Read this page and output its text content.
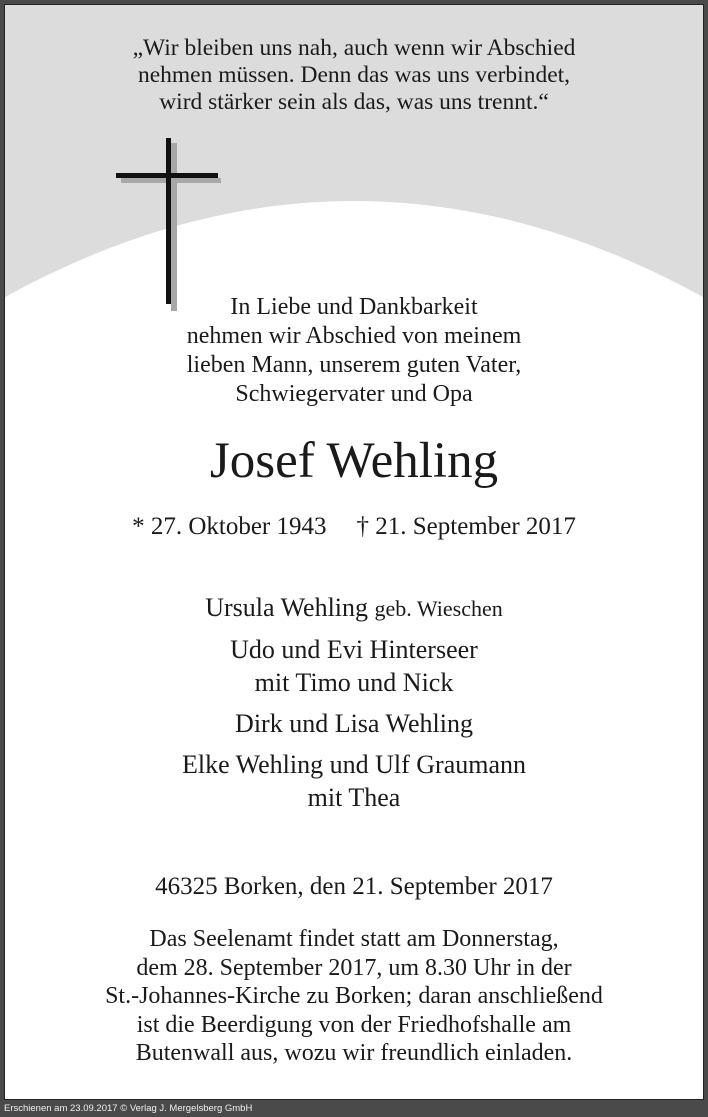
„Wir bleiben uns nah, auch wenn wir Abschied
nehmen müssen. Denn das was uns verbindet,
wird stärker sein als das, was uns trennt.“
In Liebe und Dankbarkeit
nehmen wir Abschied von meinem
lieben Mann, unserem guten Vater,
Schwiegervater und Opa
Josef Wehling
* 27. Oktober 1943 † 21. September 2017
Ursula Wehling geb. Wieschen
Udo und Evi Hinterseer
mit Timo und Nick
Dirk und Lisa Wehling
Elke Wehling und Ulf Graumann
mit Thea
46325 Borken, den 21. September 2017
Das Seelenamt findet statt am Donnerstag,
dem 28. September 2017, um 8.30 Uhr in der
St.-Johannes-Kirche zu Borken; daran anschließend
ist die Beerdigung von der Friedhofshalle am
Butenwall aus, wozu wir freundlich einladen.
Erschienen am 23.09.2017 © Verlag J. Mergelsberg GmbH
